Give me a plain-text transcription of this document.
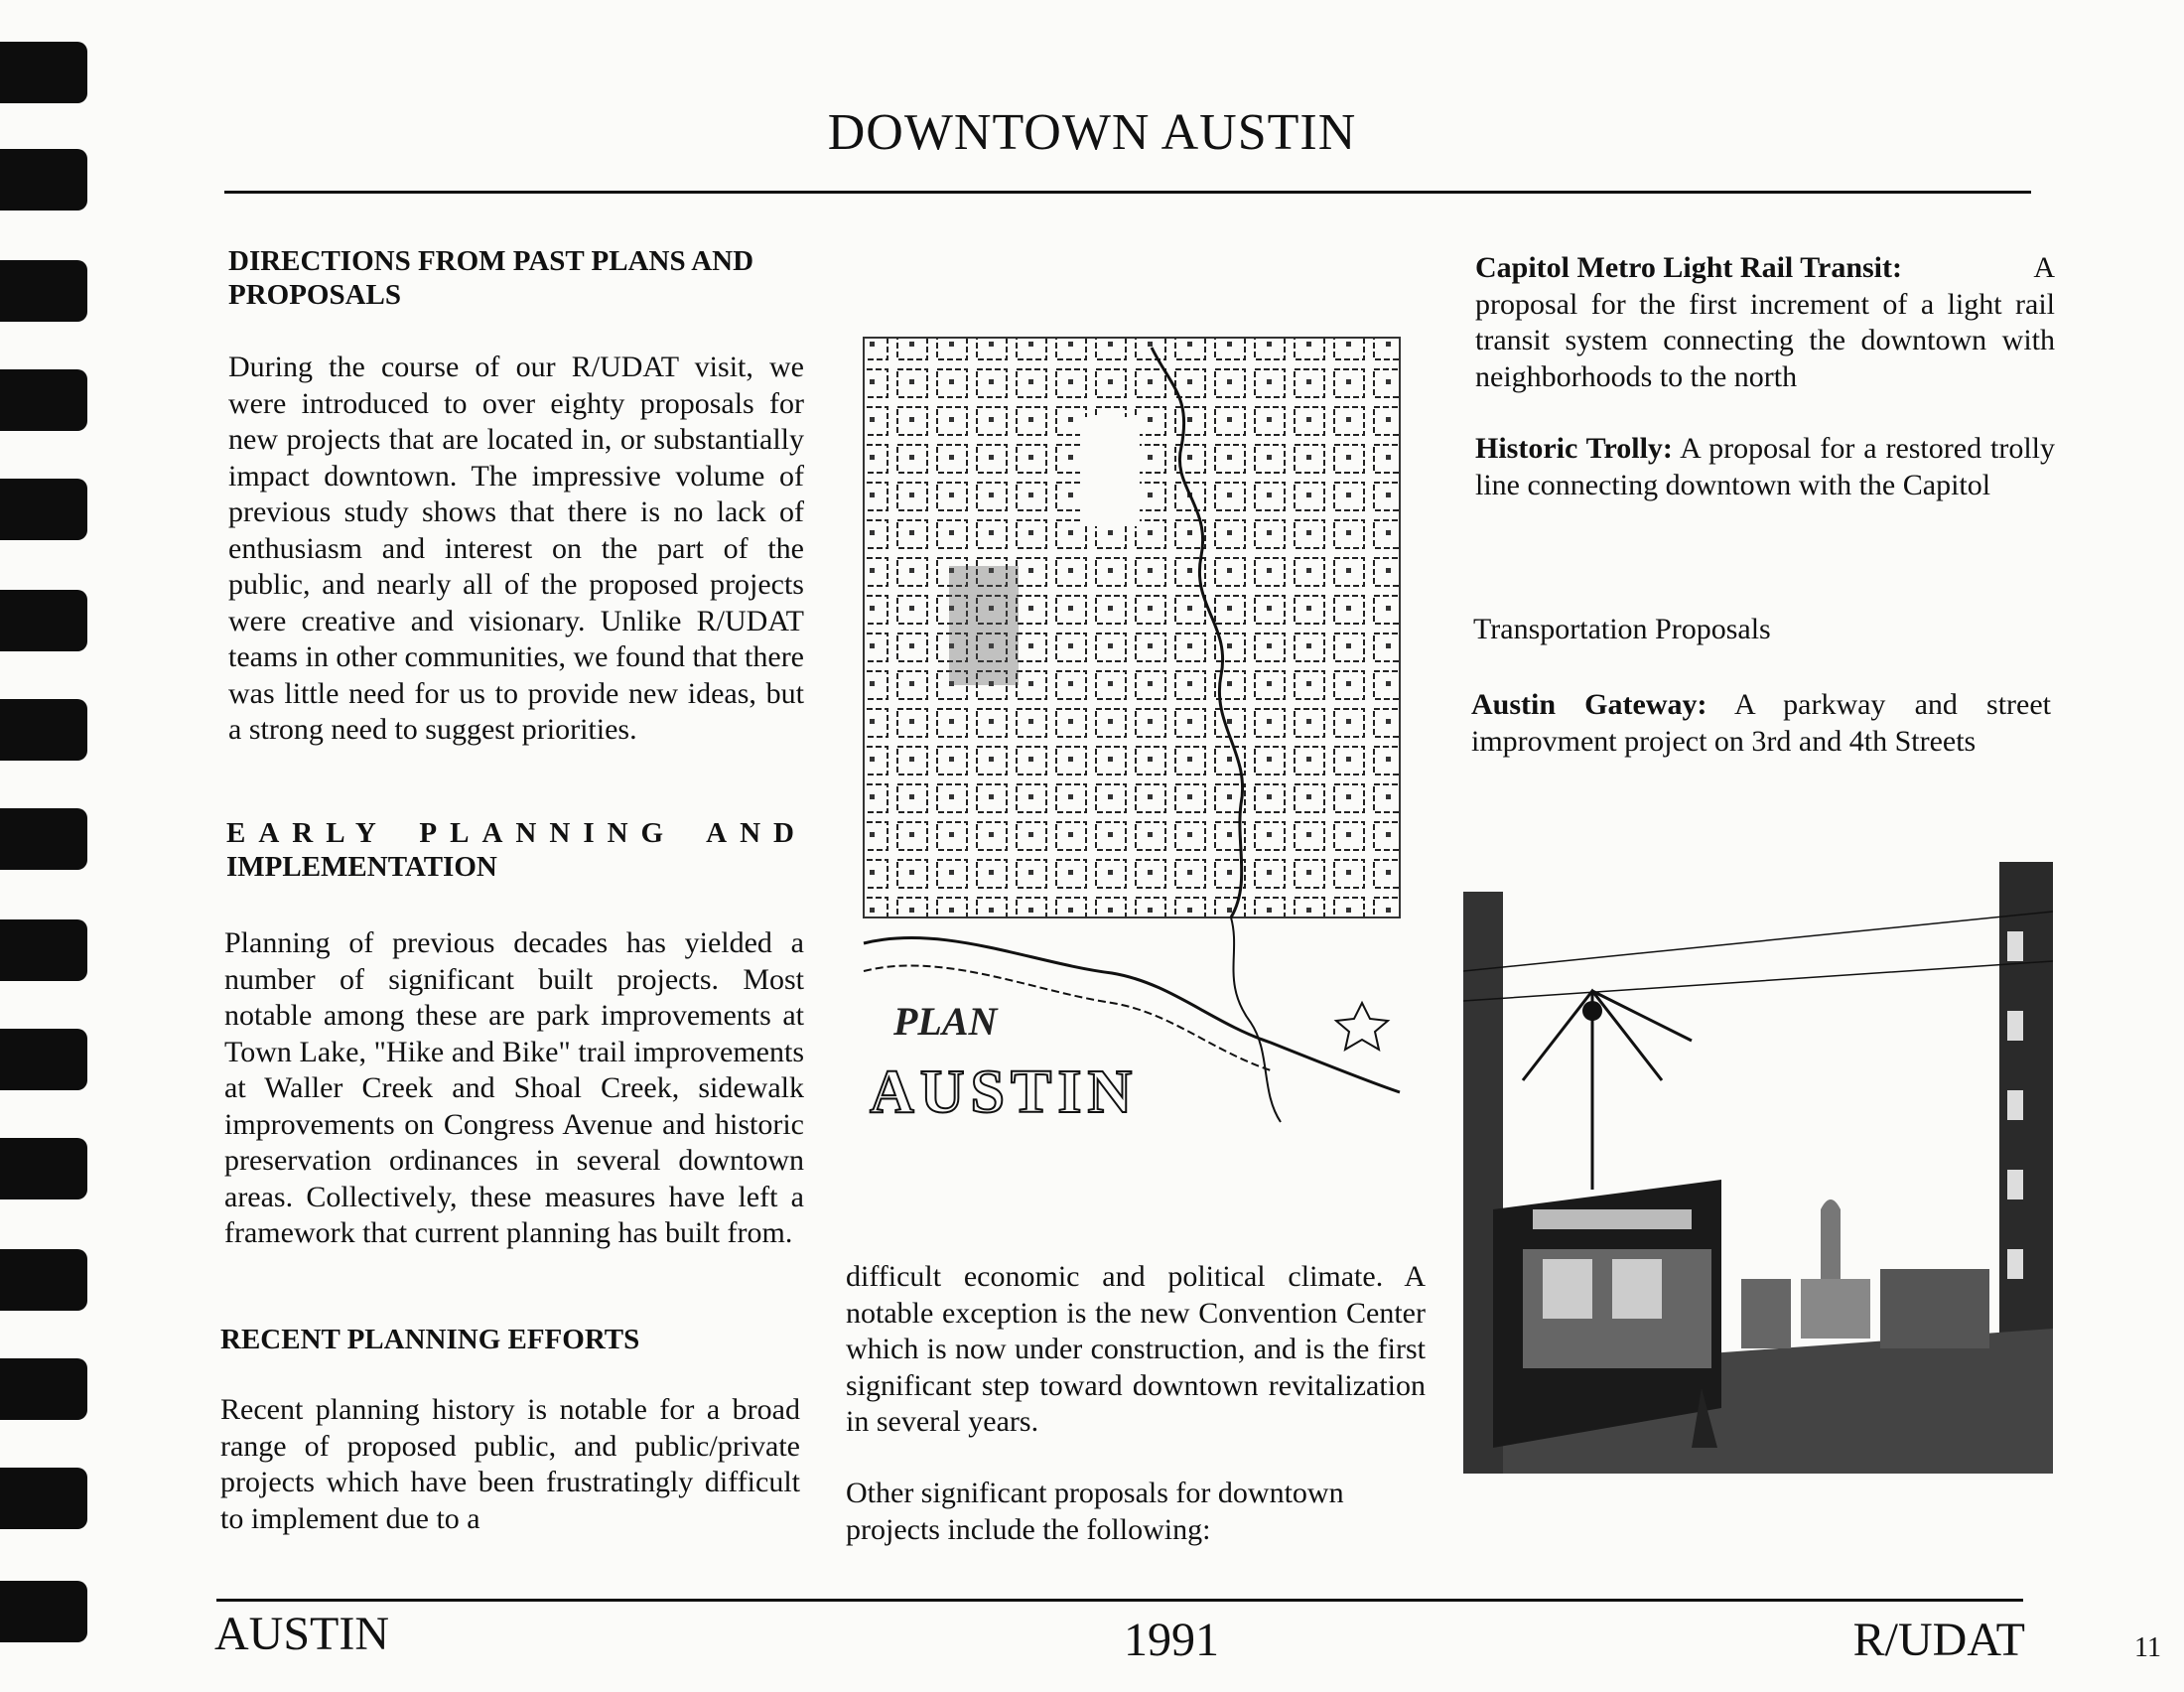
DOWNTOWN AUSTIN
DIRECTIONS FROM PAST PLANS AND PROPOSALS

During the course of our R/UDAT visit, we were introduced to over eighty proposals for new projects that are located in, or substantially impact downtown. The impressive volume of previous study shows that there is no lack of enthusiasm and interest on the part of the public, and nearly all of the proposed projects were creative and visionary. Unlike R/UDAT teams in other communities, we found that there was little need for us to provide new ideas, but a strong need to suggest priorities.

EARLY PLANNING AND
IMPLEMENTATION

Planning of previous decades has yielded a number of significant built projects. Most notable among these are park improvements at Town Lake, "Hike and Bike" trail improvements at Waller Creek and Shoal Creek, sidewalk improvements on Congress Avenue and historic preservation ordinances in several downtown areas. Collectively, these measures have left a framework that current planning has built from.

RECENT PLANNING EFFORTS

Recent planning history is notable for a broad range of proposed public, and public/private projects which have been frustratingly difficult to implement due to a

PLAN
AUSTIN

difficult economic and political climate. A notable exception is the new Convention Center which is now under construction, and is the first significant step toward downtown revitalization in several years.

Other significant proposals for downtown projects include the following:

Capitol Metro Light Rail Transit:	A
proposal for the first increment of a light rail transit system connecting the downtown with neighborhoods to the north

Historic Trolly: A proposal for a restored trolly line connecting downtown with the Capitol

Transportation Proposals

Austin Gateway: A parkway and street improvment project on 3rd and 4th Streets

AUSTIN	1991	R/UDAT	11
